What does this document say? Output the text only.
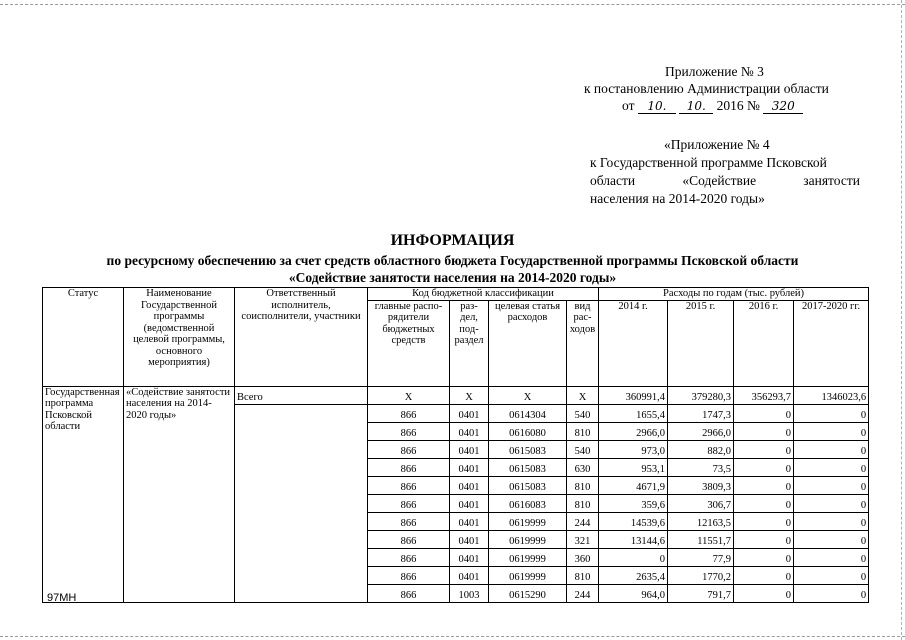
Приложение № 3
к постановлению Администрации области
от 10. 10. 2016 № 320
«Приложение № 4
к Государственной программе Псковской
области	«Содействие	занятости
населения на 2014-2020 годы»
ИНФОРМАЦИЯ
по ресурсному обеспечению за счет средств областного бюджета Государственной программы Псковской области
«Содействие занятости населения на 2014-2020 годы»
Статус	Наименование Государственной программы (ведомственной целевой программы, основного мероприятия)	Ответственный исполнитель, соисполнители, участники	Код бюджетной классификации				Расходы по годам (тыс. рублей)			
			главные распо-рядители бюджетных средств	раз-дел, под-раздел	целевая статья расходов	вид рас-ходов	2014 г.	2015 г.	2016 г.	2017-2020 гг.
Государственная программа Псковской области	«Содействие занятости населения на 2014-2020 годы»	Всего	X	X	X	X	360991,4	379280,3	356293,7	1346023,6
			866	0401	0614304	540	1655,4	1747,3	0	0
			866	0401	0616080	810	2966,0	2966,0	0	0
			866	0401	0615083	540	973,0	882,0	0	0
			866	0401	0615083	630	953,1	73,5	0	0
			866	0401	0615083	810	4671,9	3809,3	0	0
			866	0401	0616083	810	359,6	306,7	0	0
			866	0401	0619999	244	14539,6	12163,5	0	0
			866	0401	0619999	321	13144,6	11551,7	0	0
			866	0401	0619999	360	0	77,9	0	0
			866	0401	0619999	810	2635,4	1770,2	0	0
			866	1003	0615290	244	964,0	791,7	0	0
97МН
